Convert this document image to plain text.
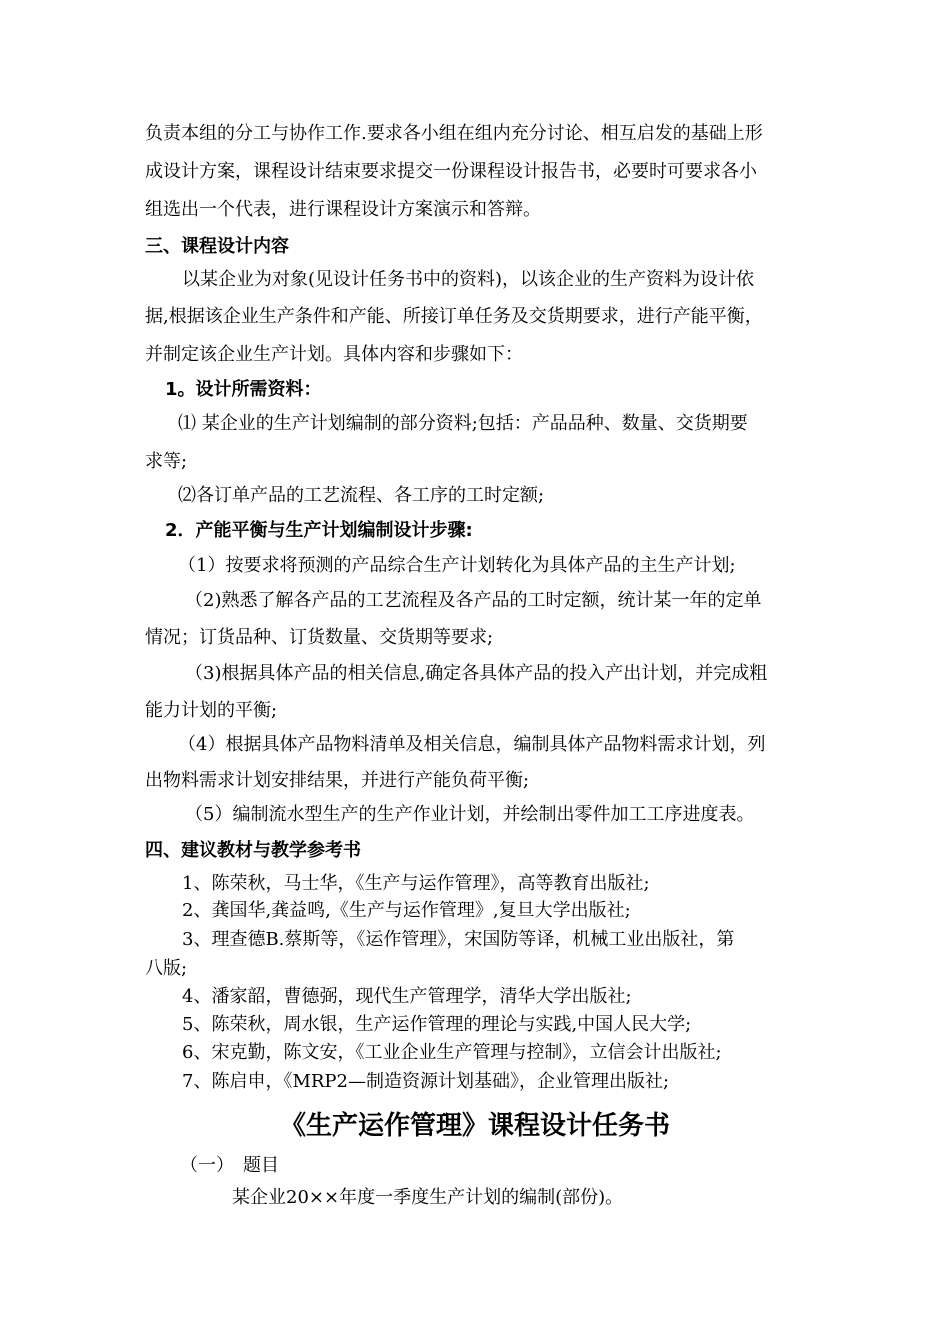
负责本组的分工与协作工作.要求各小组在组内充分讨论、相互启发的基础上形
成设计方案，课程设计结束要求提交一份课程设计报告书，必要时可要求各小
组选出一个代表，进行课程设计方案演示和答辩。
三、课程设计内容
以某企业为对象(见设计任务书中的资料)，以该企业的生产资料为设计依
据,根据该企业生产条件和产能、所接订单任务及交货期要求，进行产能平衡，
并制定该企业生产计划。具体内容和步骤如下：
1。设计所需资料：
⑴ 某企业的生产计划编制的部分资料;包括：产品品种、数量、交货期要
求等;
⑵各订单产品的工艺流程、各工序的工时定额;
2．产能平衡与生产计划编制设计步骤:
（1）按要求将预测的产品综合生产计划转化为具体产品的主生产计划;
（2)熟悉了解各产品的工艺流程及各产品的工时定额，统计某一年的定单
情况；订货品种、订货数量、交货期等要求;
（3)根据具体产品的相关信息,确定各具体产品的投入产出计划，并完成粗
能力计划的平衡;
（4）根据具体产品物料清单及相关信息，编制具体产品物料需求计划，列
出物料需求计划安排结果，并进行产能负荷平衡;
（5）编制流水型生产的生产作业计划，并绘制出零件加工工序进度表。
四、建议教材与教学参考书
1、陈荣秋，马士华，《生产与运作管理》，高等教育出版社;
2、龚国华,龚益鸣,《生产与运作管理》,复旦大学出版社;
3、理查德B.蔡斯等，《运作管理》，宋国防等译，机械工业出版社，第
八版;
4、潘家韶，曹德弼，现代生产管理学，清华大学出版社;
5、陈荣秋，周水银，生产运作管理的理论与实践,中国人民大学;
6、宋克勤，陈文安，《工业企业生产管理与控制》，立信会计出版社;
7、陈启申，《MRP2—制造资源计划基础》，企业管理出版社;
《生产运作管理》课程设计任务书
（一）　题目
某企业20××年度一季度生产计划的编制(部份)。
